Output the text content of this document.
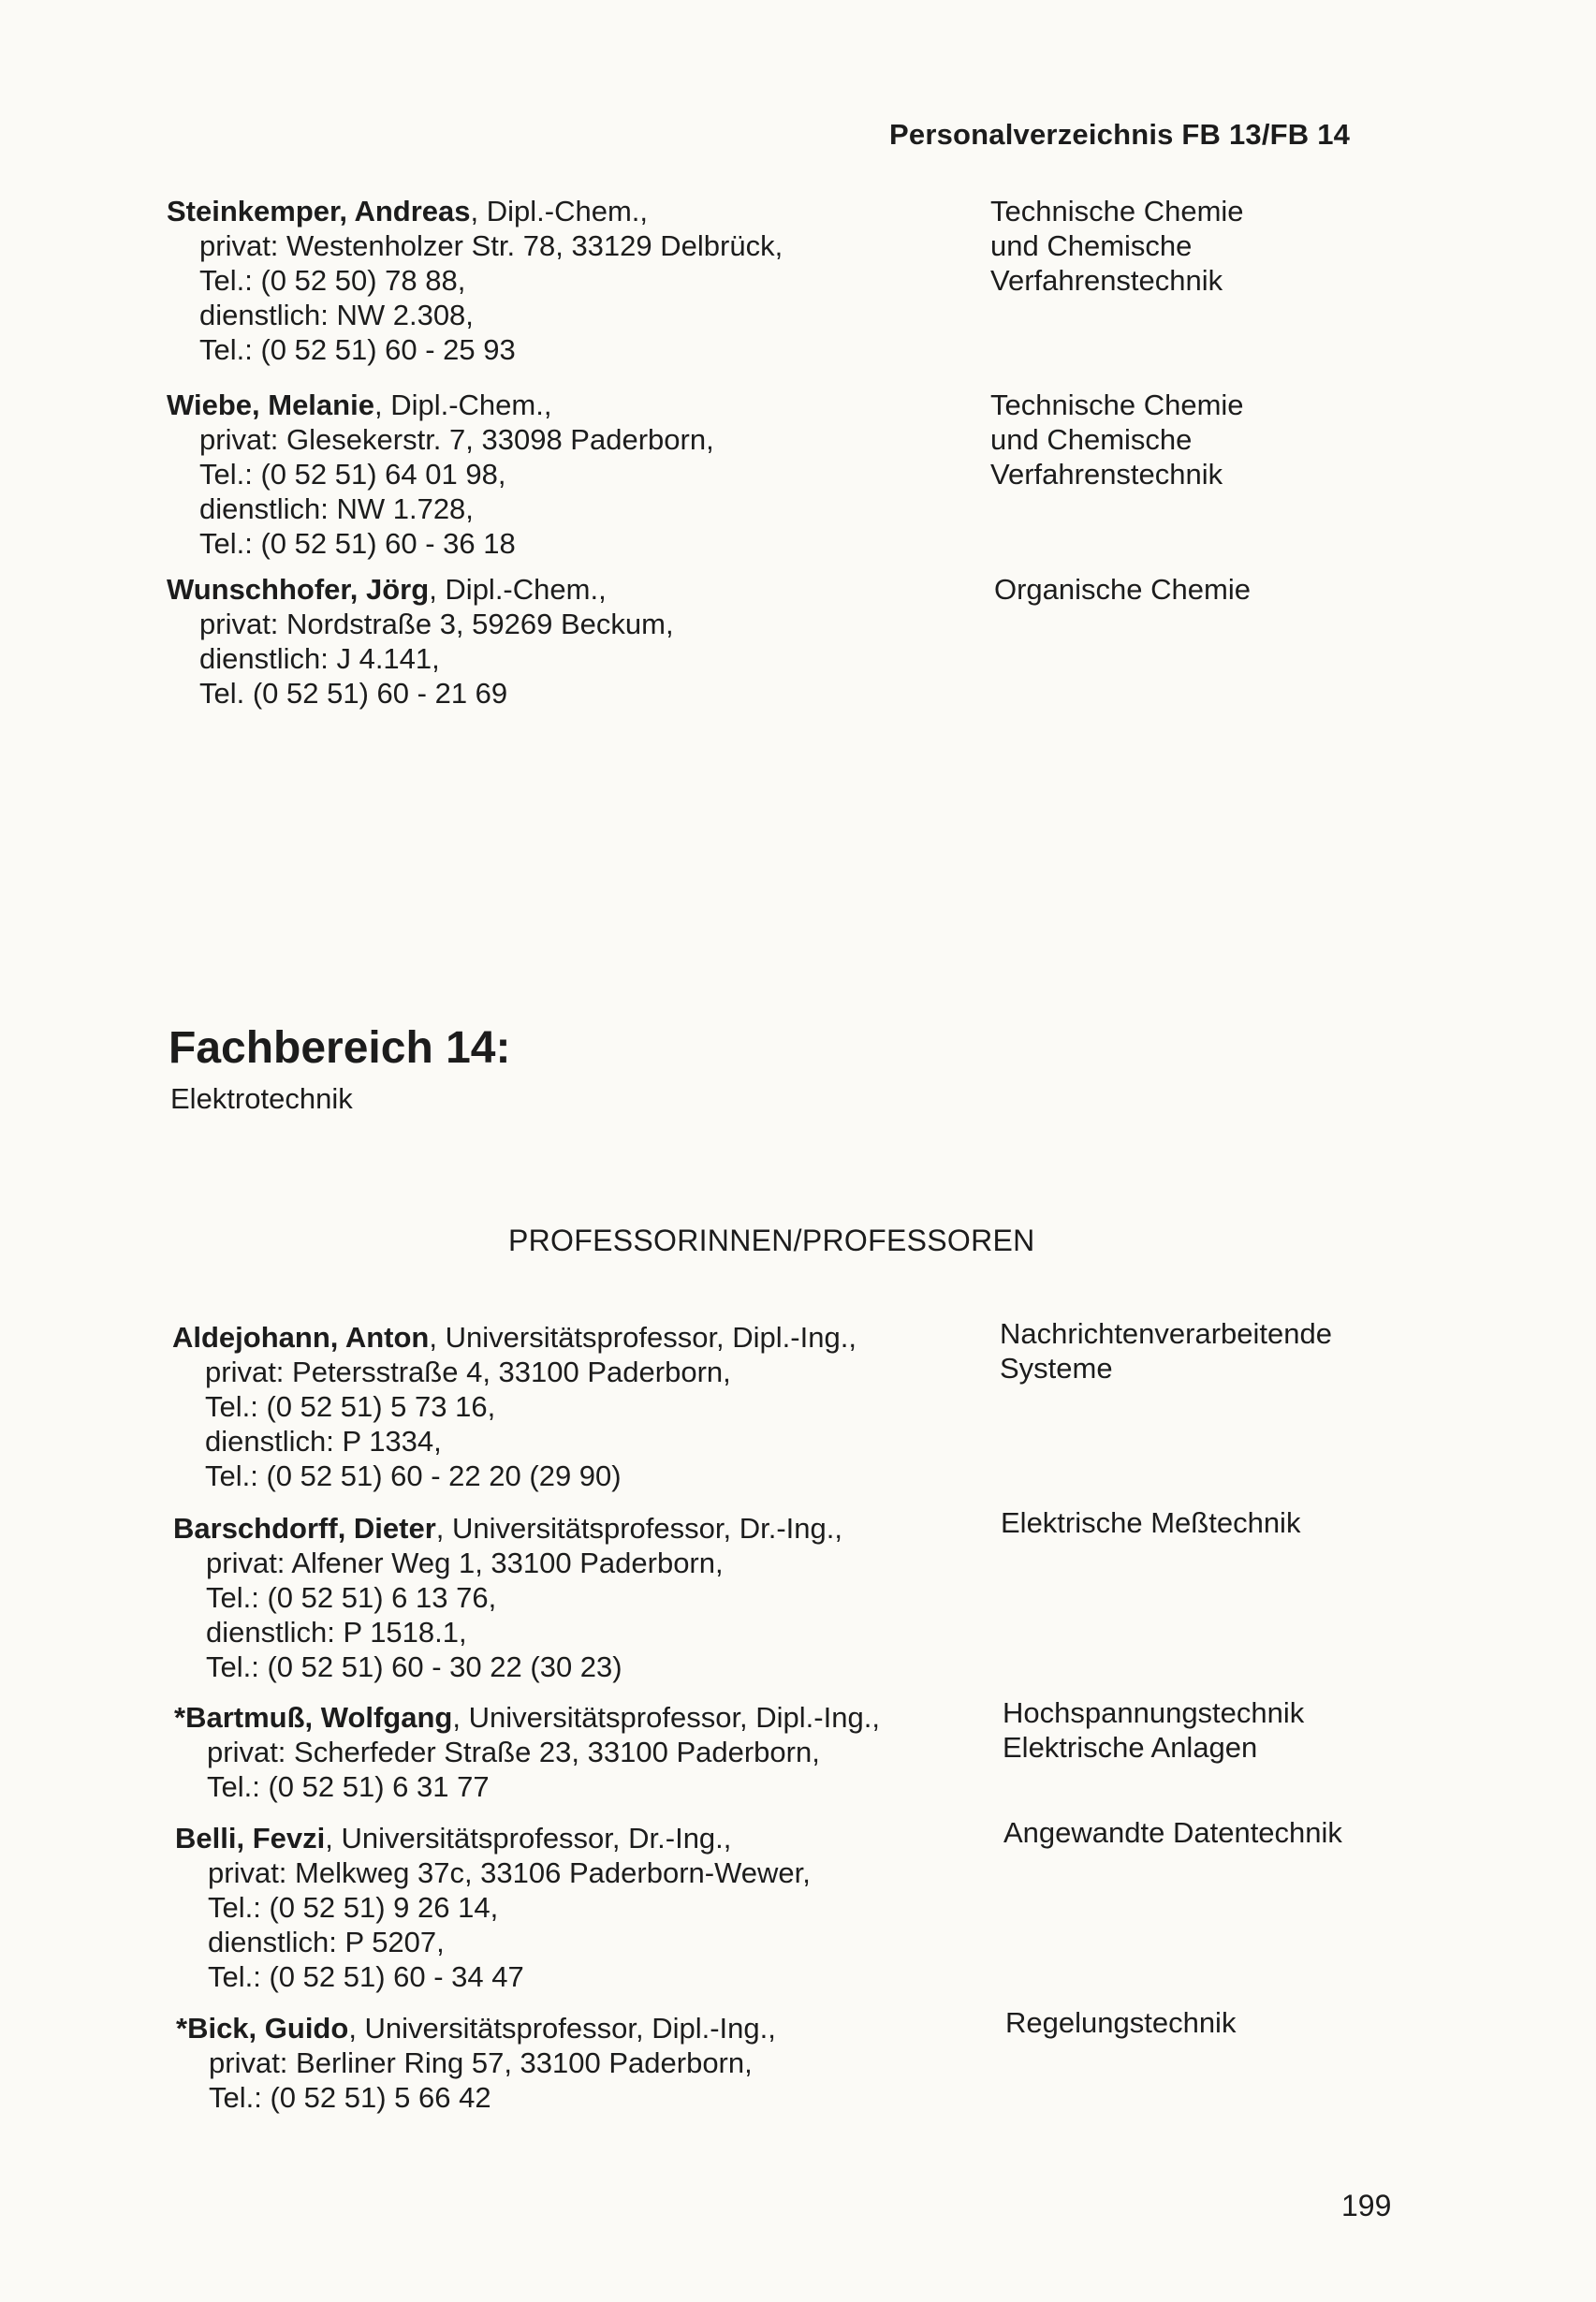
Personalverzeichnis FB 13/FB 14
Steinkemper, Andreas, Dipl.-Chem.,
privat: Westenholzer Str. 78, 33129 Delbrück,
Tel.: (0 52 50) 78 88,
dienstlich: NW 2.308,
Tel.: (0 52 51) 60 - 25 93
Technische Chemie
und Chemische
Verfahrenstechnik
Wiebe, Melanie, Dipl.-Chem.,
privat: Glesekerstr. 7, 33098 Paderborn,
Tel.: (0 52 51) 64 01 98,
dienstlich: NW 1.728,
Tel.: (0 52 51) 60 - 36 18
Technische Chemie
und Chemische
Verfahrenstechnik
Wunschhofer, Jörg, Dipl.-Chem.,
privat: Nordstraße 3, 59269 Beckum,
dienstlich: J 4.141,
Tel. (0 52 51) 60 - 21 69
Organische Chemie
Fachbereich 14:
Elektrotechnik
PROFESSORINNEN/PROFESSOREN
Aldejohann, Anton, Universitätsprofessor, Dipl.-Ing.,
privat: Petersstraße 4, 33100 Paderborn,
Tel.: (0 52 51) 5 73 16,
dienstlich: P 1334,
Tel.: (0 52 51) 60 - 22 20 (29 90)
Nachrichtenverarbeitende
Systeme
Barschdorff, Dieter, Universitätsprofessor, Dr.-Ing.,
privat: Alfener Weg 1, 33100 Paderborn,
Tel.: (0 52 51) 6 13 76,
dienstlich: P 1518.1,
Tel.: (0 52 51) 60 - 30 22 (30 23)
Elektrische Meßtechnik
*Bartmuß, Wolfgang, Universitätsprofessor, Dipl.-Ing.,
privat: Scherfeder Straße 23, 33100 Paderborn,
Tel.: (0 52 51) 6 31 77
Hochspannungstechnik
Elektrische Anlagen
Belli, Fevzi, Universitätsprofessor, Dr.-Ing.,
privat: Melkweg 37c, 33106 Paderborn-Wewer,
Tel.: (0 52 51) 9 26 14,
dienstlich: P 5207,
Tel.: (0 52 51) 60 - 34 47
Angewandte Datentechnik
*Bick, Guido, Universitätsprofessor, Dipl.-Ing.,
privat: Berliner Ring 57, 33100 Paderborn,
Tel.: (0 52 51) 5 66 42
Regelungstechnik
199
